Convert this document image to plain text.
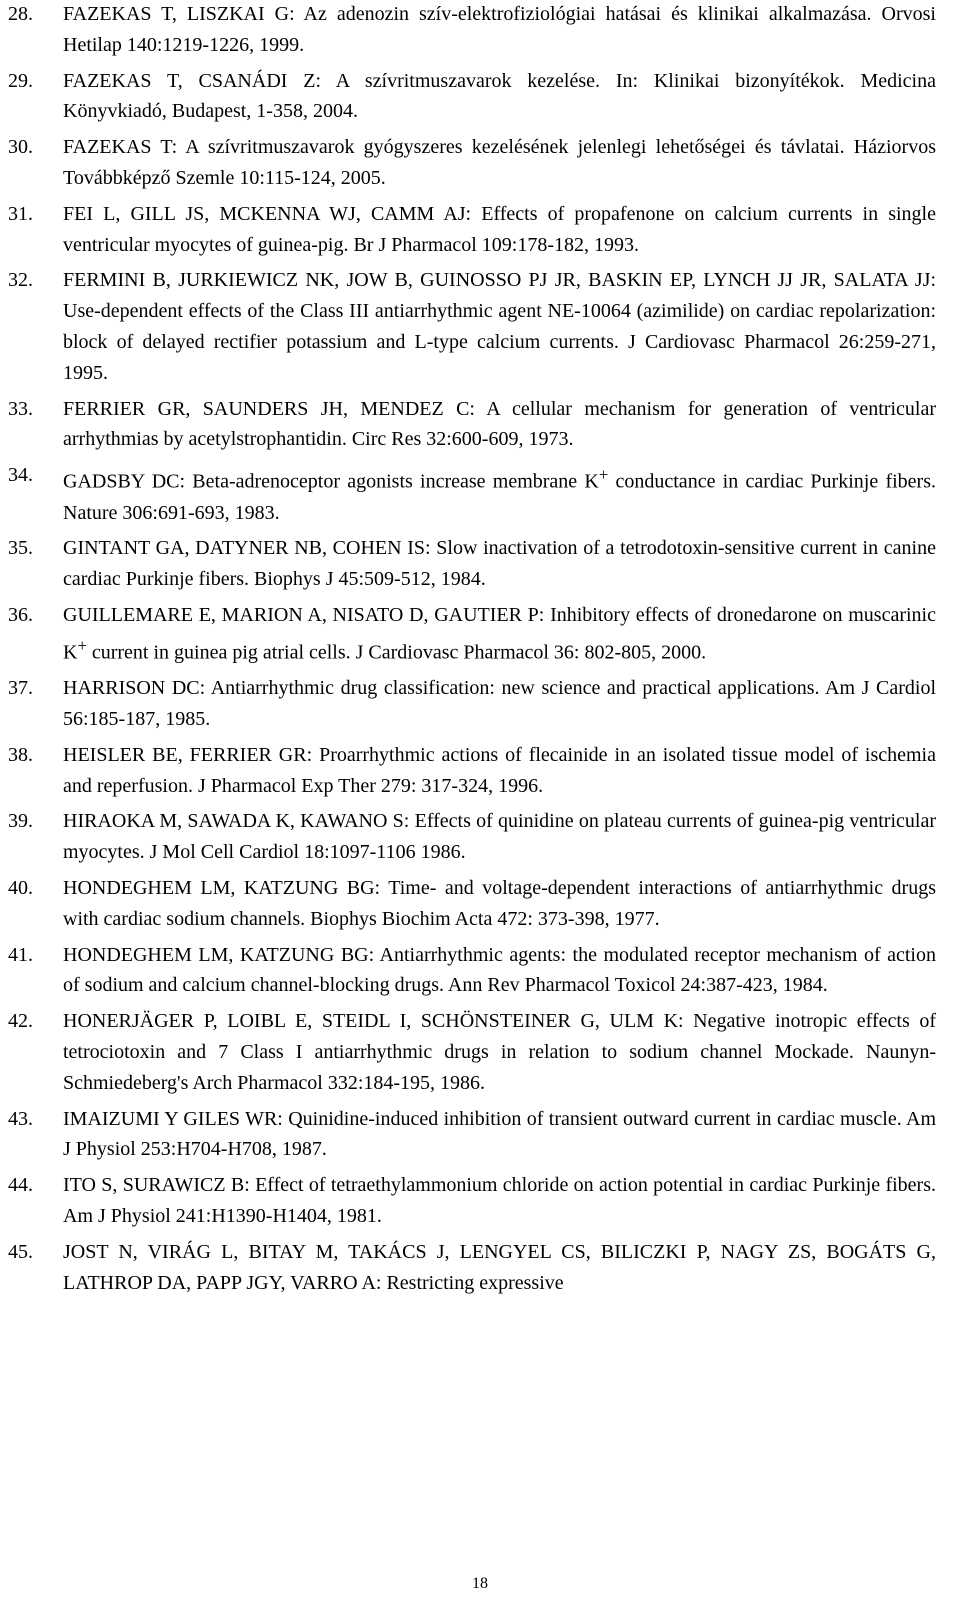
28. FAZEKAS T, LISZKAI G: Az adenozin szív-elektrofiziológiai hatásai és klinikai alkalmazása. Orvosi Hetilap 140:1219-1226, 1999.
29. FAZEKAS T, CSANÁDI Z: A szívritmuszavarok kezelése. In: Klinikai bizonyítékok. Medicina Könyvkiadó, Budapest, 1-358, 2004.
30. FAZEKAS T: A szívritmuszavarok gyógyszeres kezelésének jelenlegi lehetőségei és távlatai. Háziorvos Továbbképző Szemle 10:115-124, 2005.
31. FEI L, GILL JS, MCKENNA WJ, CAMM AJ: Effects of propafenone on calcium currents in single ventricular myocytes of guinea-pig. Br J Pharmacol 109:178-182, 1993.
32. FERMINI B, JURKIEWICZ NK, JOW B, GUINOSSO PJ JR, BASKIN EP, LYNCH JJ JR, SALATA JJ: Use-dependent effects of the Class III antiarrhythmic agent NE-10064 (azimilide) on cardiac repolarization: block of delayed rectifier potassium and L-type calcium currents. J Cardiovasc Pharmacol 26:259-271, 1995.
33. FERRIER GR, SAUNDERS JH, MENDEZ C: A cellular mechanism for generation of ventricular arrhythmias by acetylstrophantidin. Circ Res 32:600-609, 1973.
34. GADSBY DC: Beta-adrenoceptor agonists increase membrane K+ conductance in cardiac Purkinje fibers. Nature 306:691-693, 1983.
35. GINTANT GA, DATYNER NB, COHEN IS: Slow inactivation of a tetrodotoxin-sensitive current in canine cardiac Purkinje fibers. Biophys J 45:509-512, 1984.
36. GUILLEMARE E, MARION A, NISATO D, GAUTIER P: Inhibitory effects of dronedarone on muscarinic K+ current in guinea pig atrial cells. J Cardiovasc Pharmacol 36: 802-805, 2000.
37. HARRISON DC: Antiarrhythmic drug classification: new science and practical applications. Am J Cardiol 56:185-187, 1985.
38. HEISLER BE, FERRIER GR: Proarrhythmic actions of flecainide in an isolated tissue model of ischemia and reperfusion. J Pharmacol Exp Ther 279: 317-324, 1996.
39. HIRAOKA M, SAWADA K, KAWANO S: Effects of quinidine on plateau currents of guinea-pig ventricular myocytes. J Mol Cell Cardiol 18:1097-1106 1986.
40. HONDEGHEM LM, KATZUNG BG: Time- and voltage-dependent interactions of antiarrhythmic drugs with cardiac sodium channels. Biophys Biochim Acta 472: 373-398, 1977.
41. HONDEGHEM LM, KATZUNG BG: Antiarrhythmic agents: the modulated receptor mechanism of action of sodium and calcium channel-blocking drugs. Ann Rev Pharmacol Toxicol 24:387-423, 1984.
42. HONERJÄGER P, LOIBL E, STEIDL I, SCHÖNSTEINER G, ULM K: Negative inotropic effects of tetrociotoxin and 7 Class I antiarrhythmic drugs in relation to sodium channel Mockade. Naunyn-Schmiedeberg's Arch Pharmacol 332:184-195, 1986.
43. IMAIZUMI Y GILES WR: Quinidine-induced inhibition of transient outward current in cardiac muscle. Am J Physiol 253:H704-H708, 1987.
44. ITO S, SURAWICZ B: Effect of tetraethylammonium chloride on action potential in cardiac Purkinje fibers. Am J Physiol 241:H1390-H1404, 1981.
45. JOST N, VIRÁG L, BITAY M, TAKÁCS J, LENGYEL CS, BILICZKI P, NAGY ZS, BOGÁTS G, LATHROP DA, PAPP JGY, VARRO A: Restricting expressive
18
